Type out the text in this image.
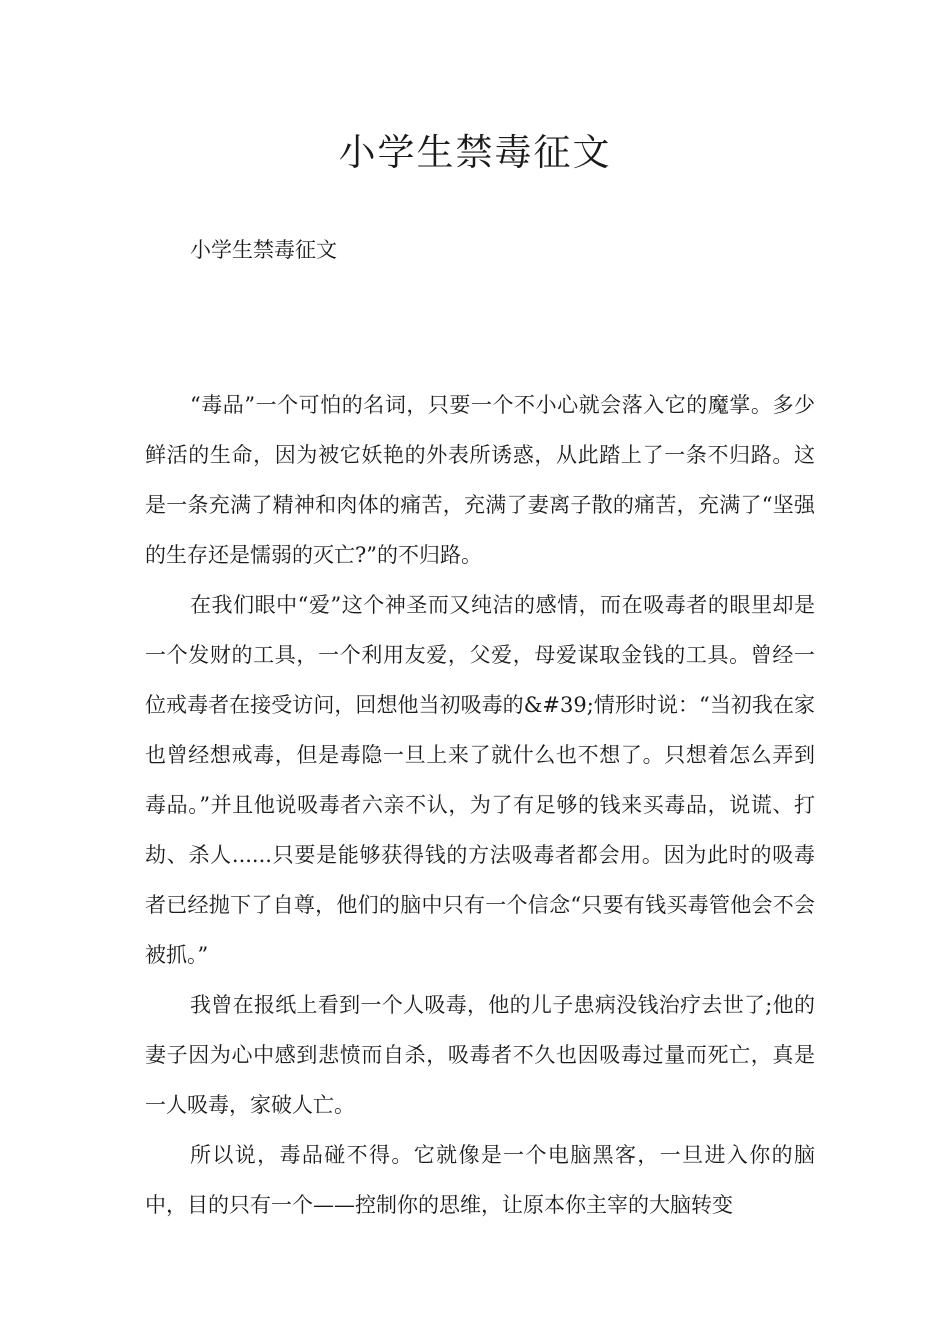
小学生禁毒征文
小学生禁毒征文

“毒品”一个可怕的名词，只要一个不小心就会落入它的魔掌。多少鲜活的生命，因为被它妖艳的外表所诱惑，从此踏上了一条不归路。这是一条充满了精神和肉体的痛苦，充满了妻离子散的痛苦，充满了“坚强的生存还是懦弱的灭亡?”的不归路。

在我们眼中“爱”这个神圣而又纯洁的感情，而在吸毒者的眼里却是一个发财的工具，一个利用友爱，父爱，母爱谋取金钱的工具。曾经一位戒毒者在接受访问，回想他当初吸毒的&#39;情形时说：“当初我在家也曾经想戒毒，但是毒隐一旦上来了就什么也不想了。只想着怎么弄到毒品。”并且他说吸毒者六亲不认，为了有足够的钱来买毒品，说谎、打劫、杀人......只要是能够获得钱的方法吸毒者都会用。因为此时的吸毒者已经抛下了自尊，他们的脑中只有一个信念“只要有钱买毒管他会不会被抓。”

我曾在报纸上看到一个人吸毒，他的儿子患病没钱治疗去世了;他的妻子因为心中感到悲愤而自杀，吸毒者不久也因吸毒过量而死亡，真是一人吸毒，家破人亡。

所以说，毒品碰不得。它就像是一个电脑黑客，一旦进入你的脑中，目的只有一个——控制你的思维，让原本你主宰的大脑转变
